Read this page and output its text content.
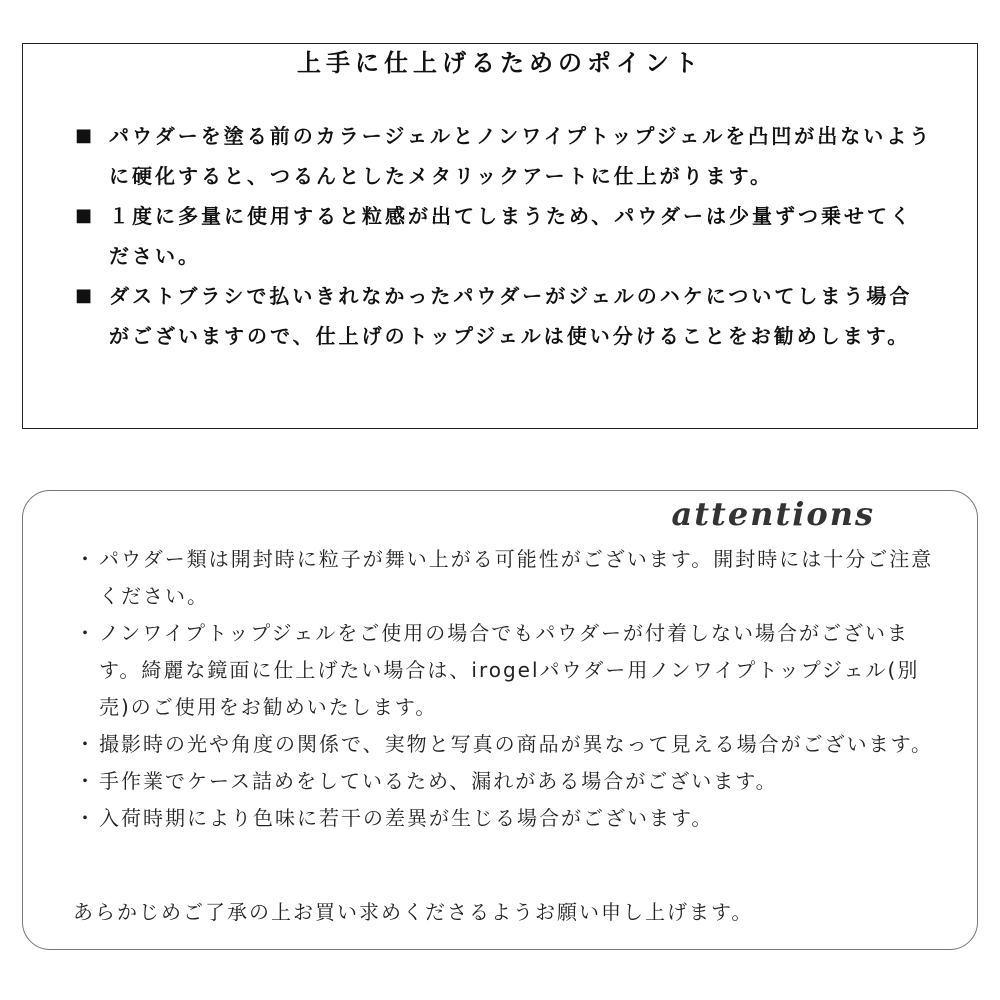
上手に仕上げるためのポイント
■ パウダーを塗る前のカラージェルとノンワイプトップジェルを凸凹が出ないように硬化すると、つるんとしたメタリックアートに仕上がります。
■ １度に多量に使用すると粒感が出てしまうため、パウダーは少量ずつ乗せてください。
■ ダストブラシで払いきれなかったパウダーがジェルのハケについてしまう場合がございますので、仕上げのトップジェルは使い分けることをお勧めします。
attentions
・ パウダー類は開封時に粒子が舞い上がる可能性がございます。開封時には十分ご注意ください。
・ ノンワイプトップジェルをご使用の場合でもパウダーが付着しない場合がございます。綺麗な鏡面に仕上げたい場合は、irogelパウダー用ノンワイプトップジェル(別売)のご使用をお勧めいたします。
・ 撮影時の光や角度の関係で、実物と写真の商品が異なって見える場合がございます。
・ 手作業でケース詰めをしているため、漏れがある場合がございます。
・ 入荷時期により色味に若干の差異が生じる場合がございます。

あらかじめご了承の上お買い求めくださるようお願い申し上げます。
